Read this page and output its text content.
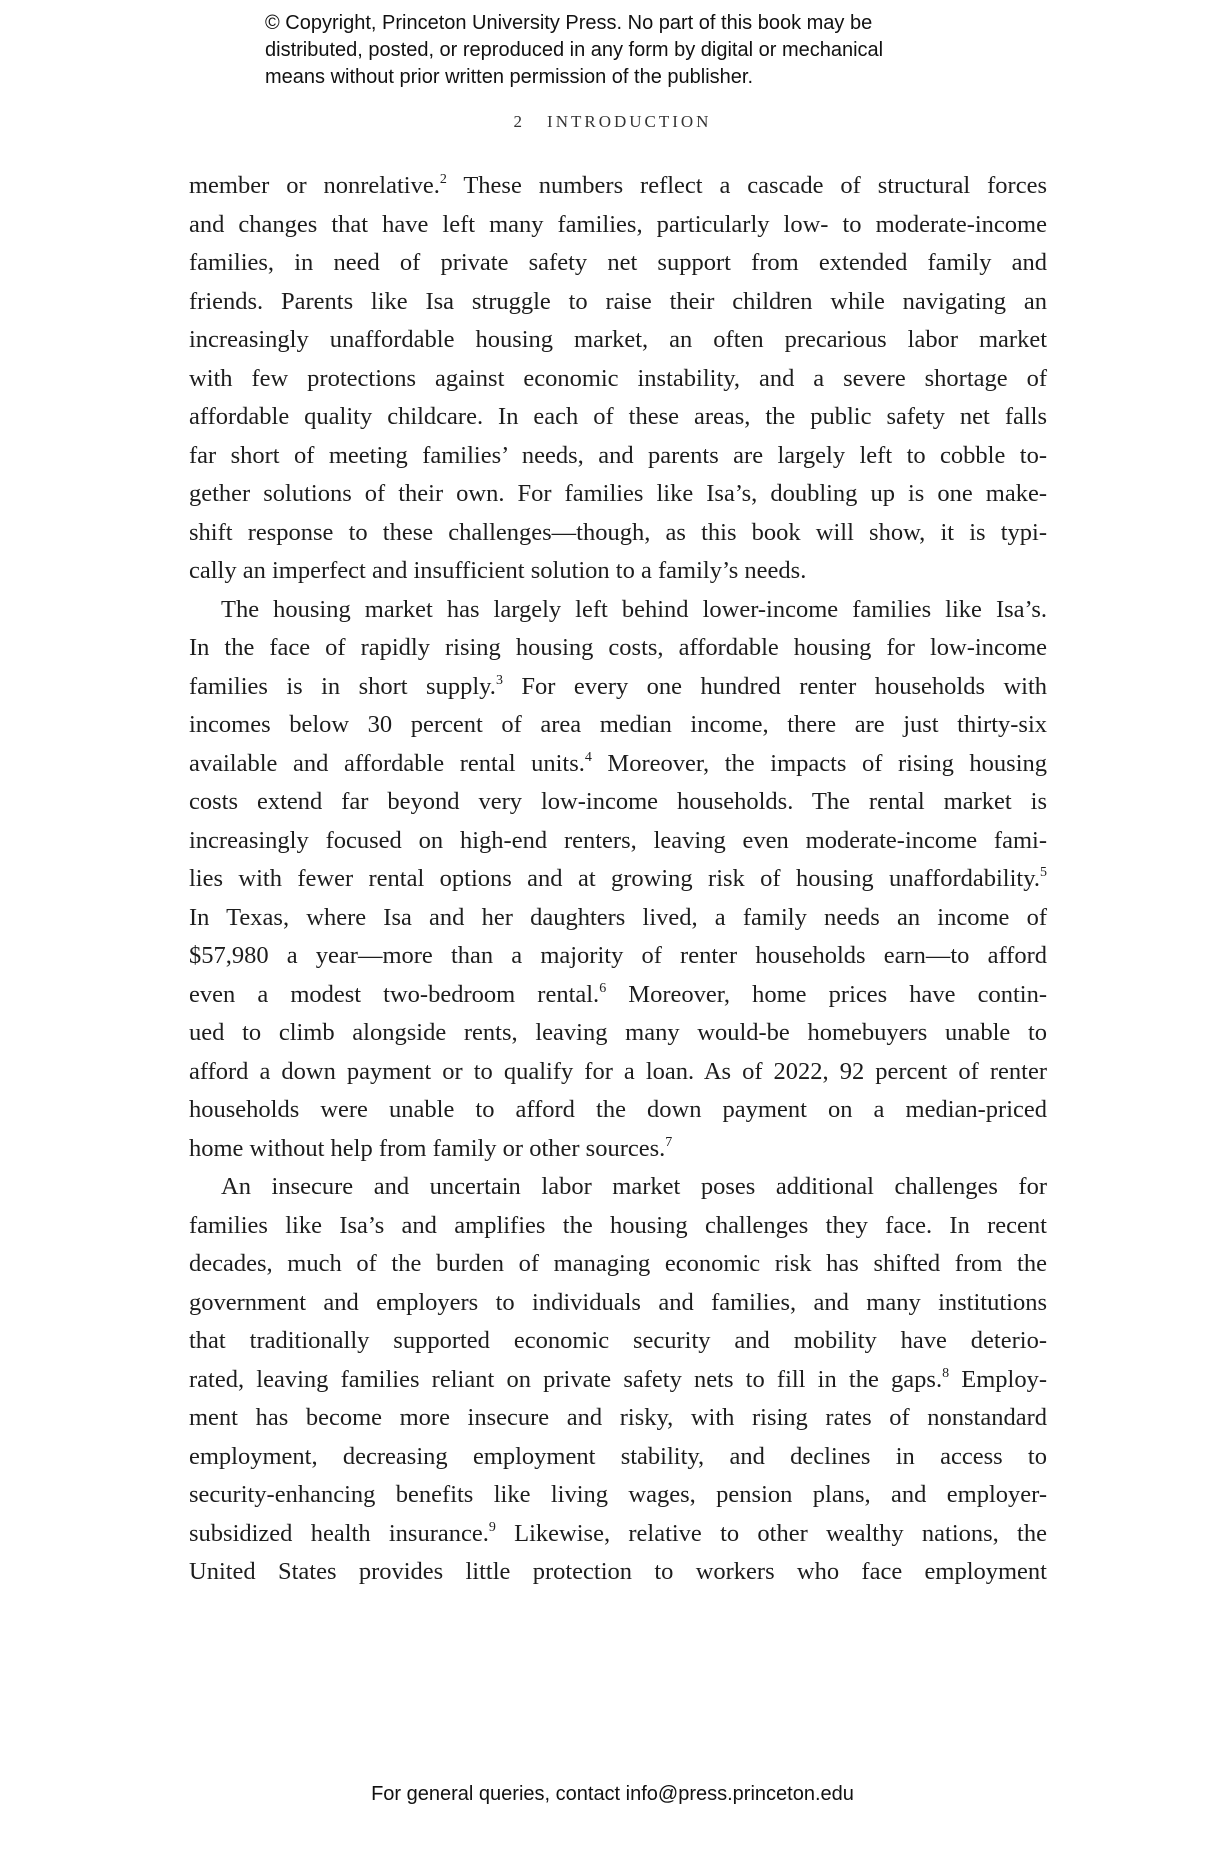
© Copyright, Princeton University Press. No part of this book may be
distributed, posted, or reproduced in any form by digital or mechanical
means without prior written permission of the publisher.
2 INTRODUCTION
member or nonrelative.$^2$ These numbers reflect a cascade of structural forces
and changes that have left many families, particularly low- to moderate-income
families, in need of private safety net support from extended family and
friends. Parents like Isa struggle to raise their children while navigating an
increasingly unaffordable housing market, an often precarious labor market
with few protections against economic instability, and a severe shortage of
affordable quality childcare. In each of these areas, the public safety net falls
far short of meeting families’ needs, and parents are largely left to cobble to-
gether solutions of their own. For families like Isa’s, doubling up is one make-
shift response to these challenges—though, as this book will show, it is typi-
cally an imperfect and insufficient solution to a family’s needs.
The housing market has largely left behind lower-income families like Isa’s.
In the face of rapidly rising housing costs, affordable housing for low-income
families is in short supply.$^3$ For every one hundred renter households with
incomes below 30 percent of area median income, there are just thirty-six
available and affordable rental units.$^4$ Moreover, the impacts of rising housing
costs extend far beyond very low-income households. The rental market is
increasingly focused on high-end renters, leaving even moderate-income fami-
lies with fewer rental options and at growing risk of housing unaffordability.$^5$
In Texas, where Isa and her daughters lived, a family needs an income of
$57,980 a year—more than a majority of renter households earn—to afford
even a modest two-bedroom rental.$^6$ Moreover, home prices have contin-
ued to climb alongside rents, leaving many would-be homebuyers unable to
afford a down payment or to qualify for a loan. As of 2022, 92 percent of renter
households were unable to afford the down payment on a median-priced
home without help from family or other sources.$^7$
An insecure and uncertain labor market poses additional challenges for
families like Isa’s and amplifies the housing challenges they face. In recent
decades, much of the burden of managing economic risk has shifted from the
government and employers to individuals and families, and many institutions
that traditionally supported economic security and mobility have deterio-
rated, leaving families reliant on private safety nets to fill in the gaps.$^8$ Employ-
ment has become more insecure and risky, with rising rates of nonstandard
employment, decreasing employment stability, and declines in access to
security-enhancing benefits like living wages, pension plans, and employer-
subsidized health insurance.$^9$ Likewise, relative to other wealthy nations, the
United States provides little protection to workers who face employment
For general queries, contact info@press.princeton.edu
